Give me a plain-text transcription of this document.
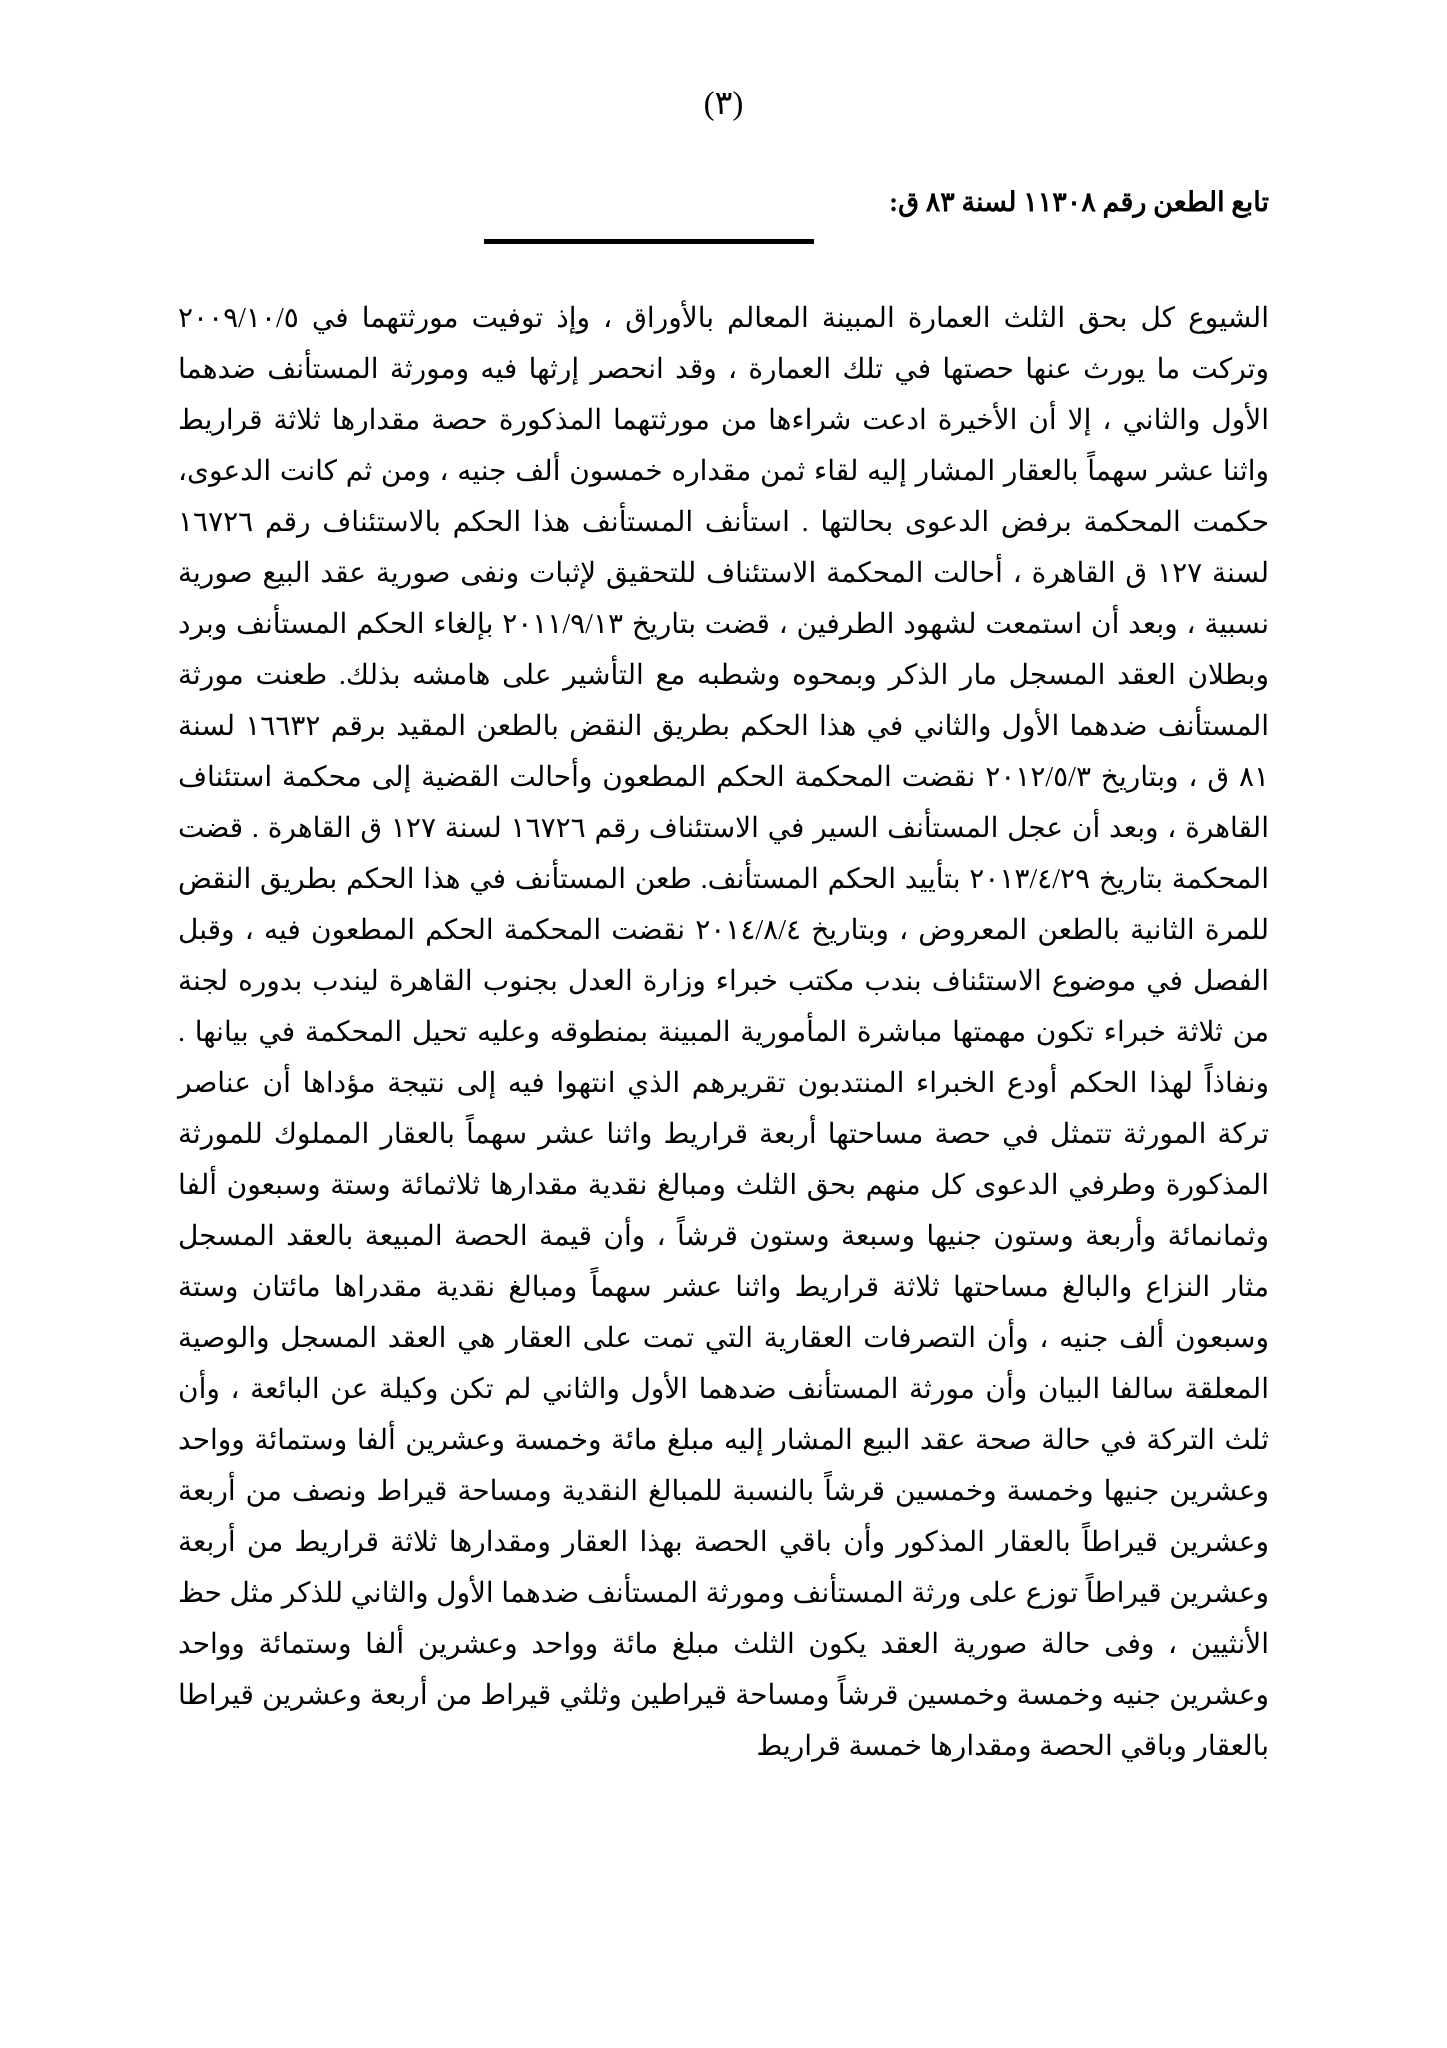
(٣)
تابع الطعن رقم ١١٣٠٨ لسنة ٨٣ ق:

الشيوع كل بحق الثلث العمارة المبينة المعالم بالأوراق ، وإذ توفيت مورثتهما في ٢٠٠٩/١٠/٥ وتركت ما يورث عنها حصتها في تلك العمارة ، وقد انحصر إرثها فيه ومورثة المستأنف ضدهما الأول والثاني ، إلا أن الأخيرة ادعت شراءها من مورثتهما المذكورة حصة مقدارها ثلاثة قراريط واثنا عشر سهماً بالعقار المشار إليه لقاء ثمن مقداره خمسون ألف جنيه ، ومن ثم كانت الدعوى، حكمت المحكمة برفض الدعوى بحالتها . استأنف المستأنف هذا الحكم بالاستئناف رقم ١٦٧٢٦ لسنة ١٢٧ ق القاهرة ، أحالت المحكمة الاستئناف للتحقيق لإثبات ونفى صورية عقد البيع صورية نسبية ، وبعد أن استمعت لشهود الطرفين ، قضت بتاريخ ٢٠١١/٩/١٣ بإلغاء الحكم المستأنف وبرد وبطلان العقد المسجل مار الذكر وبمحوه وشطبه مع التأشير على هامشه بذلك. طعنت مورثة المستأنف ضدهما الأول والثاني في هذا الحكم بطريق النقض بالطعن المقيد برقم ١٦٦٣٢ لسنة ٨١ ق ، وبتاريخ ٢٠١٢/٥/٣ نقضت المحكمة الحكم المطعون وأحالت القضية إلى محكمة استئناف القاهرة ، وبعد أن عجل المستأنف السير في الاستئناف رقم ١٦٧٢٦ لسنة ١٢٧ ق القاهرة . قضت المحكمة بتاريخ ٢٠١٣/٤/٢٩ بتأييد الحكم المستأنف. طعن المستأنف في هذا الحكم بطريق النقض للمرة الثانية بالطعن المعروض ، وبتاريخ ٢٠١٤/٨/٤ نقضت المحكمة الحكم المطعون فيه ، وقبل الفصل في موضوع الاستئناف بندب مكتب خبراء وزارة العدل بجنوب القاهرة ليندب بدوره لجنة من ثلاثة خبراء تكون مهمتها مباشرة المأمورية المبينة بمنطوقه وعليه تحيل المحكمة في بيانها . ونفاذاً لهذا الحكم أودع الخبراء المنتدبون تقريرهم الذي انتهوا فيه إلى نتيجة مؤداها أن عناصر تركة المورثة تتمثل في حصة مساحتها أربعة قراريط واثنا عشر سهماً بالعقار المملوك للمورثة المذكورة وطرفي الدعوى كل منهم بحق الثلث ومبالغ نقدية مقدارها ثلاثمائة وستة وسبعون ألفا وثمانمائة وأربعة وستون جنيها وسبعة وستون قرشاً ، وأن قيمة الحصة المبيعة بالعقد المسجل مثار النزاع والبالغ مساحتها ثلاثة قراريط واثنا عشر سهماً ومبالغ نقدية مقدراها مائتان وستة وسبعون ألف جنيه ، وأن التصرفات العقارية التي تمت على العقار هي العقد المسجل والوصية المعلقة سالفا البيان وأن مورثة المستأنف ضدهما الأول والثاني لم تكن وكيلة عن البائعة ، وأن ثلث التركة في حالة صحة عقد البيع المشار إليه مبلغ مائة وخمسة وعشرين ألفا وستمائة وواحد وعشرين جنيها وخمسة وخمسين قرشاً بالنسبة للمبالغ النقدية ومساحة قيراط ونصف من أربعة وعشرين قيراطاً بالعقار المذكور وأن باقي الحصة بهذا العقار ومقدارها ثلاثة قراريط من أربعة وعشرين قيراطاً توزع على ورثة المستأنف ومورثة المستأنف ضدهما الأول والثاني للذكر مثل حظ الأنثيين ، وفى حالة صورية العقد يكون الثلث مبلغ مائة وواحد وعشرين ألفا وستمائة وواحد وعشرين جنيه وخمسة وخمسين قرشاً ومساحة قيراطين وثلثي قيراط من أربعة وعشرين قيراطا بالعقار وباقي الحصة ومقدارها خمسة قراريط
